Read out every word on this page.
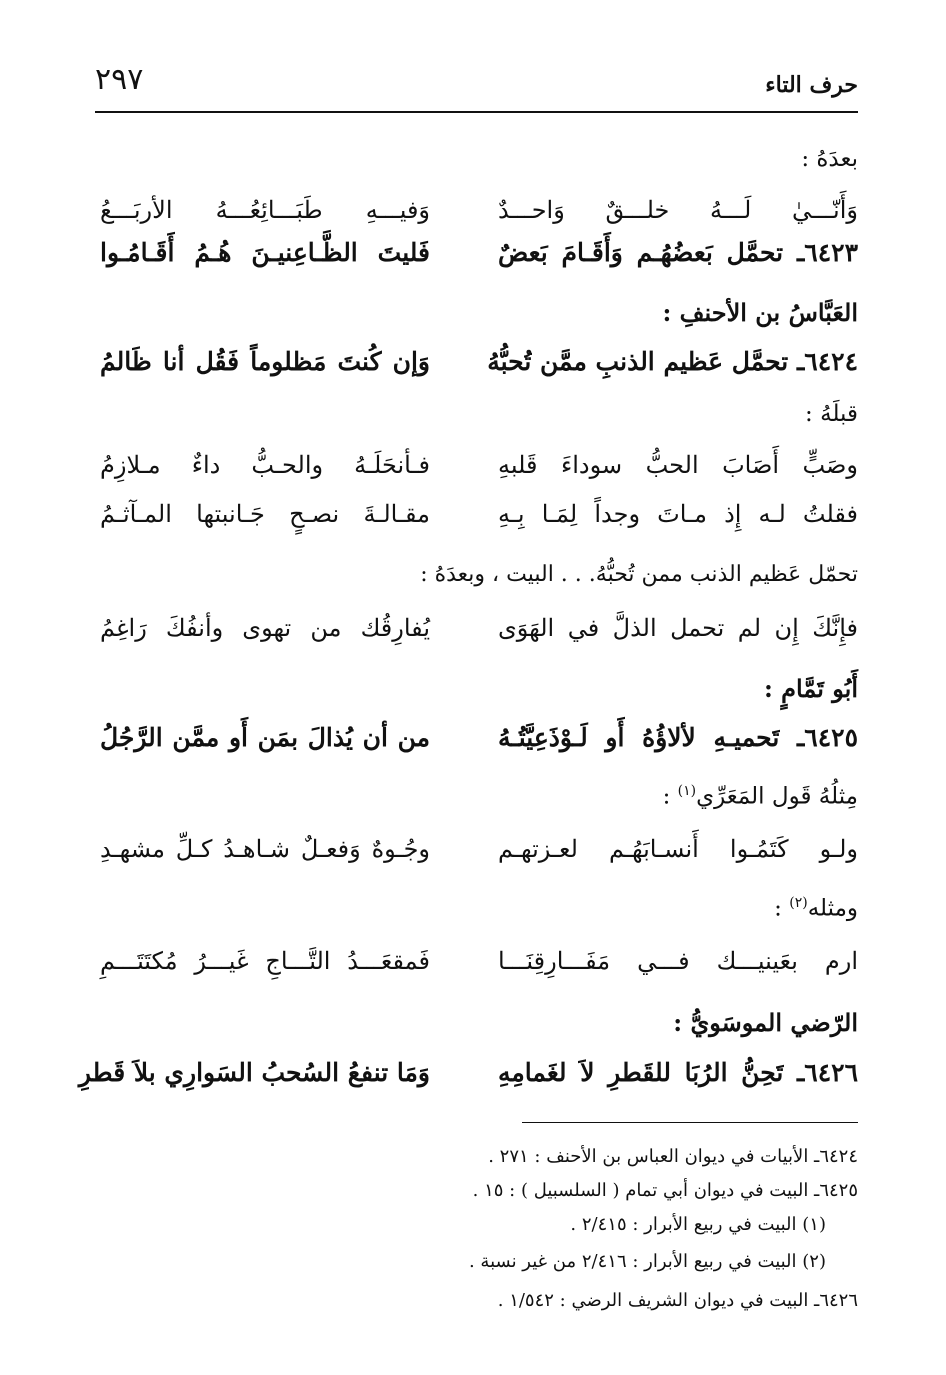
حرف التاء
٢٩٧
بعدَهُ :
وَأَنّـــيٰ لَـــهُ خلـــقٌ وَاحـــدٌ
وَفيـــهِ طَبَـــائِعُـــهُ الأربَـــعُ
٦٤٢٣ـ تحمَّل بَعضُهُـم وَأَقَـامَ بَعضٌ
فَليتَ الظَّـاعِنيـنَ هُـمُ أَقَـامُـوا
العَبَّاسُ بن الأحنفِ :
٦٤٢٤ـ تحمَّل عَظيم الذنبِ ممَّن تُحبُّهُ
وَإن كُنتَ مَظلوماً فَقُل أنا ظَالمُ
قبلَهُ :
وصَبٍّ أَصَابَ الحبُّ سوداءَ قَلبهِ
فـأنحَلَـهُ والحـبُّ داءٌ مـلازِمُ
فقلتُ لـه إِذ مـاتَ وجداً لِمَـا بِـهِ
مقـالـةَ نصـحٍ جَـانبتها المـآثـمُ
تحمّل عَظيم الذنب ممن تُحبُّهُ. . . البيت ، وبعدَهُ :
فإِنَّكَ إِن لم تحمل الذلَّ في الهَوَى
يُفارِقُك من تهوى وأنفُكَ رَاغِمُ
أَبُو تَمَّامٍ :
٦٤٢٥ـ تَحميـهِ لألاؤُهُ أَو لَـوْذَعِيَّتُـهُ
من أن يُذالَ بمَن أَو ممَّن الرَّجُلُ
مِثلُهُ قَول المَعَرِّي$^{(١)}$ :
ولـو كَتَمُـوا أَنسـابَهُـم لعـزتهـم
وجُـوهٌ وَفعـلٌ شـاهـدُ كـلِّ مشهـدِ
ومثله$^{(٢)}$ :
ارم بعَينيـــك فـــي مَفَـــارِقِنَـــا
فَمقعَـــدُ التَّـــاجِ غَيـــرُ مُكتَتَـــمِ
الرّضي الموسَويُّ :
٦٤٢٦ـ تَحِنُّ الرُبَا للقَطرِ لاَ لغَمامِهِ
وَمَا تنفعُ السُحبُ السَوارِي بلاَ قَطرِ
٦٤٢٤ـ الأبيات في ديوان العباس بن الأحنف : ٢٧١ .
٦٤٢٥ـ البيت في ديوان أبي تمام ( السلسبيل ) : ١٥ .
(١) البيت في ربيع الأبرار : ٢/٤١٥ .
(٢) البيت في ربيع الأبرار : ٢/٤١٦ من غير نسبة .
٦٤٢٦ـ البيت في ديوان الشريف الرضي : ١/٥٤٢ .
